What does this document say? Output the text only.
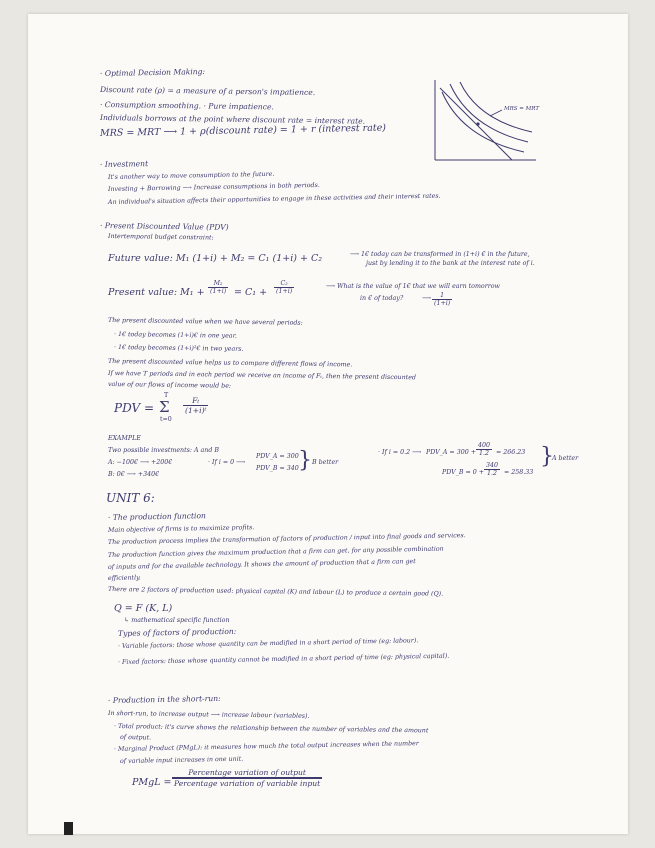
· Optimal Decision Making:
Discount rate (ρ) = a measure of a person's impatience.
· Consumption smoothing. · Pure impatience.
Individuals borrows at the point where discount rate = interest rate.
MRS = MRT ⟶ 1 + ρ(discount rate) = 1 + r (interest rate)
MRS = MRT
· Investment
It's another way to move consumption to the future.
Investing + Borrowing ⟶ Increase consumptions in both periods.
An individual's situation affects their opportunities to engage in these activities and their interest rates.
· Present Discounted Value (PDV)
Intertemporal budget constraint:
Future value: M₁ (1+i) + M₂ = C₁ (1+i) + C₂	⟶ 1€ today can be transformed in (1+i) € in the future,
just by lending it to the bank at the interest rate of i.
Present value: $M_1 + \frac{\text{M₂}}{(1+i)} = C_1 + \frac{\text{C₂}}{(1+i)}$	⟶ What is the value of 1€ that we will earn tomorrow
in € of today?	⟶ $\frac{1}{(1+i)}$
The present discounted value when we have several periods:
· 1€ today becomes (1+i)€ in one year.
· 1€ today becomes (1+i)²€ in two years.
The present discounted value helps us to compare different flows of income.
If we have T periods and in each period we receive an income of Fₜ, then the present discounted
value of our flows of income would be:
PDV =
T
Σ
t=0
$\frac{\text{Fₜ}}{\text{(1+i)ᵗ}}$
EXAMPLE
Two possible investments: A and B
A: −100€ ⟶ +200€
B: 0€ ⟶ +340€
· If i = 0 ⟶
PDV_A = 300
PDV_B = 340 } B better
· If i = 0.2 ⟶ PDV_A = $300 + \frac{400}{1.2} = 266.23$
PDV_B = $0 + \frac{340}{1.2} = 258.33$
}
A better
UNIT 6:
· The production function
Main objective of firms is to maximize profits.
The production process implies the transformation of factors of production / input into final goods and services.
The production function gives the maximum production that a firm can get, for any possible combination
of inputs and for the available technology. It shows the amount of production that a firm can get
efficiently.
There are 2 factors of production used: physical capital (K) and labour (L) to produce a certain good (Q).
Q = F (K, L)
↳ mathematical specific function
Types of factors of production:
· Variable factors: those whose quantity can be modified in a short period of time (eg: labour).
· Fixed factors: those whose quantity cannot be modified in a short period of time (eg: physical capital).
· Production in the short-run:
In short-run, to increase output ⟶ increase labour (variables).
· Total product: it's curve shows the relationship between the number of variables and the amount
of output.
· Marginal Product (PMgL): it measures how much the total output increases when the number
of variable input increases in one unit.
PMgL =
Percentage variation of output
Percentage variation of variable input
